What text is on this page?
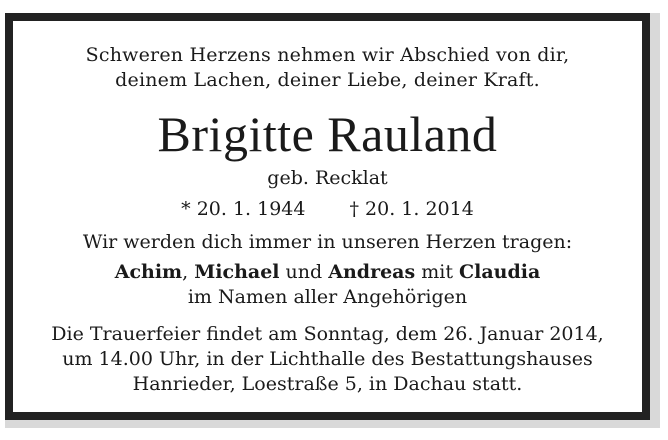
Schweren Herzens nehmen wir Abschied von dir,
deinem Lachen, deiner Liebe, deiner Kraft.
Brigitte Rauland
geb. Recklat
* 20. 1. 1944 † 20. 1. 2014
Wir werden dich immer in unseren Herzen tragen:
Achim, Michael und Andreas mit Claudia
im Namen aller Angehörigen
Die Trauerfeier findet am Sonntag, dem 26. Januar 2014,
um 14.00 Uhr, in der Lichthalle des Bestattungshauses
Hanrieder, Loestraße 5, in Dachau statt.
